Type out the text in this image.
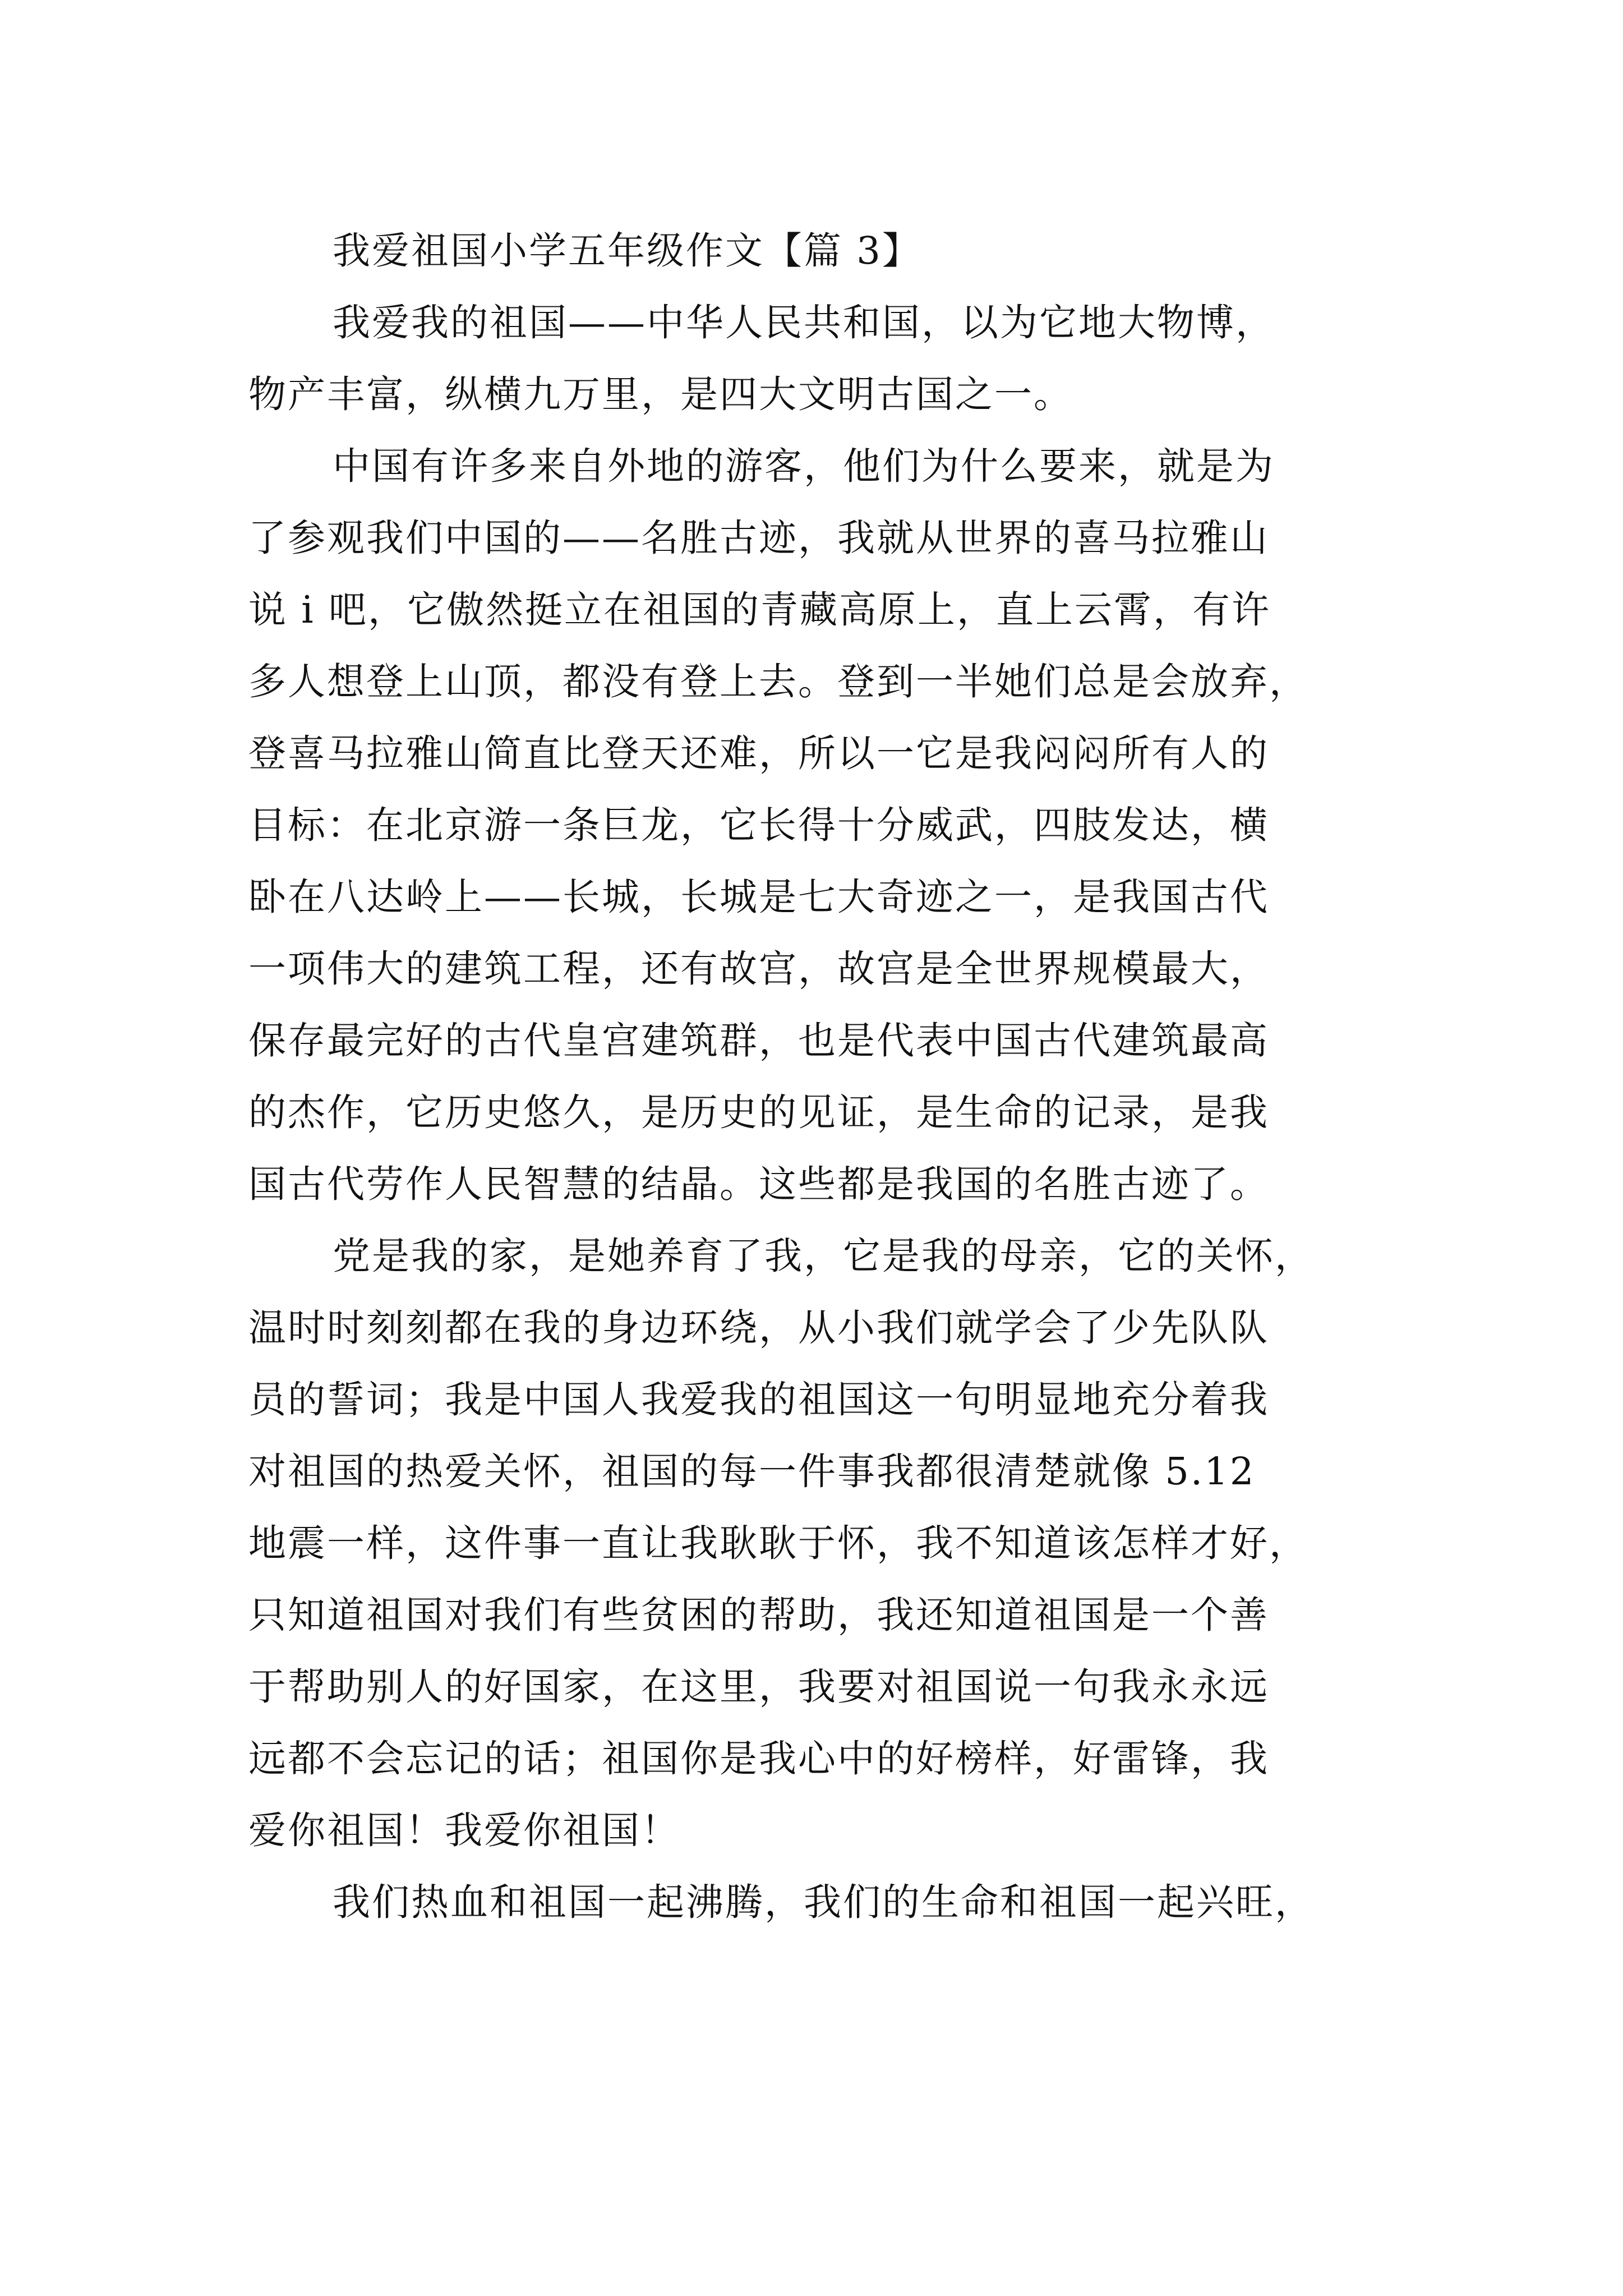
我爱祖国小学五年级作文【篇 3】
我爱我的祖国——中华人民共和国，以为它地大物博，
物产丰富，纵横九万里，是四大文明古国之一。
中国有许多来自外地的游客，他们为什么要来，就是为
了参观我们中国的——名胜古迹，我就从世界的喜马拉雅山
说 i 吧，它傲然挺立在祖国的青藏高原上，直上云霄，有许
多人想登上山顶，都没有登上去。登到一半她们总是会放弃，
登喜马拉雅山简直比登天还难，所以一它是我闷闷所有人的
目标：在北京游一条巨龙，它长得十分威武，四肢发达，横
卧在八达岭上——长城，长城是七大奇迹之一，是我国古代
一项伟大的建筑工程，还有故宫，故宫是全世界规模最大，
保存最完好的古代皇宫建筑群，也是代表中国古代建筑最高
的杰作，它历史悠久，是历史的见证，是生命的记录，是我
国古代劳作人民智慧的结晶。这些都是我国的名胜古迹了。
党是我的家，是她养育了我，它是我的母亲，它的关怀，
温时时刻刻都在我的身边环绕，从小我们就学会了少先队队
员的誓词；我是中国人我爱我的祖国这一句明显地充分着我
对祖国的热爱关怀，祖国的每一件事我都很清楚就像 5.12
地震一样，这件事一直让我耿耿于怀，我不知道该怎样才好，
只知道祖国对我们有些贫困的帮助，我还知道祖国是一个善
于帮助别人的好国家，在这里，我要对祖国说一句我永永远
远都不会忘记的话；祖国你是我心中的好榜样，好雷锋，我
爱你祖国！我爱你祖国！
我们热血和祖国一起沸腾，我们的生命和祖国一起兴旺，
